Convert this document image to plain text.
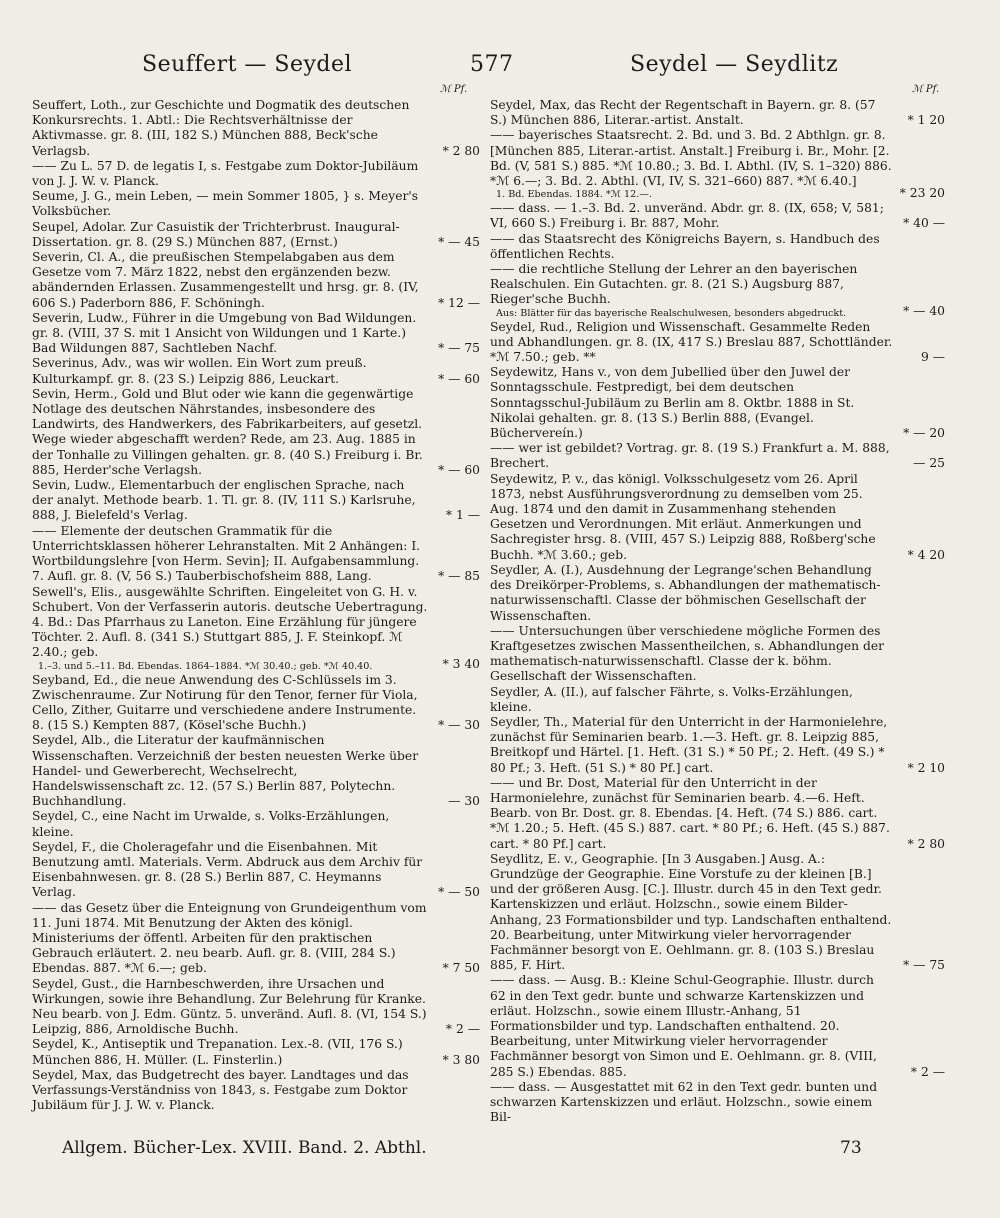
Seuffert — Seydel	577	Seydel — Seydlitz
ℳ Pf.	ℳ Pf.
Seuffert, Loth., zur Geschichte und Dogmatik des deutschen Konkursrechts. 1. Abtl.: Die Rechtsverhältnisse der Aktivmasse. gr. 8. (III, 182 S.) München 888, Beck'sche Verlagsb.	* 2 80
—— Zu L. 57 D. de legatis I, s. Festgabe zum Doktor-Jubiläum von J. J. W. v. Planck.
Seume, J. G., mein Leben, — mein Sommer 1805, } s. Meyer's Volksbücher.
Seupel, Adolar. Zur Casuistik der Trichterbrust. Inaugural-Dissertation. gr. 8. (29 S.) München 887, (Ernst.)	* — 45
Severin, Cl. A., die preußischen Stempelabgaben aus dem Gesetze vom 7. März 1822, nebst den ergänzenden bezw. abändernden Erlassen. Zusammengestellt und hrsg. gr. 8. (IV, 606 S.) Paderborn 886, F. Schöningh.	* 12 —
Severin, Ludw., Führer in die Umgebung von Bad Wildungen. gr. 8. (VIII, 37 S. mit 1 Ansicht von Wildungen und 1 Karte.) Bad Wildungen 887, Sachtleben Nachf.	* — 75
Severinus, Adv., was wir wollen. Ein Wort zum preuß. Kulturkampf. gr. 8. (23 S.) Leipzig 886, Leuckart.	* — 60
Sevin, Herm., Gold und Blut oder wie kann die gegenwärtige Notlage des deutschen Nährstandes, insbesondere des Landwirts, des Handwerkers, des Fabrikarbeiters, auf gesetzl. Wege wieder abgeschafft werden? Rede, am 23. Aug. 1885 in der Tonhalle zu Villingen gehalten. gr. 8. (40 S.) Freiburg i. Br. 885, Herder'sche Verlagsh.	* — 60
Sevin, Ludw., Elementarbuch der englischen Sprache, nach der analyt. Methode bearb. 1. Tl. gr. 8. (IV, 111 S.) Karlsruhe, 888, J. Bielefeld's Verlag.	* 1 —
—— Elemente der deutschen Grammatik für die Unterrichtsklassen höherer Lehranstalten. Mit 2 Anhängen: I. Wortbildungslehre [von Herm. Sevin]; II. Aufgabensammlung. 7. Aufl. gr. 8. (V, 56 S.) Tauberbischofsheim 888, Lang.	* — 85
Sewell's, Elis., ausgewählte Schriften. Eingeleitet von G. H. v. Schubert. Von der Verfasserin autoris. deutsche Uebertragung. 4. Bd.: Das Pfarrhaus zu Laneton. Eine Erzählung für jüngere Töchter. 2. Aufl. 8. (341 S.) Stuttgart 885, J. F. Steinkopf. ℳ 2.40.; geb.
1.–3. und 5.–11. Bd. Ebendas. 1864–1884. *ℳ 30.40.; geb. *ℳ 40.40.	* 3 40
Seyband, Ed., die neue Anwendung des C-Schlüssels im 3. Zwischenraume. Zur Notirung für den Tenor, ferner für Viola, Cello, Zither, Guitarre und verschiedene andere Instrumente. 8. (15 S.) Kempten 887, (Kösel'sche Buchh.)	* — 30
Seydel, Alb., die Literatur der kaufmännischen Wissenschaften. Verzeichniß der besten neuesten Werke über Handel- und Gewerberecht, Wechselrecht, Handelswissenschaft zc. 12. (57 S.) Berlin 887, Polytechn. Buchhandlung.	— 30
Seydel, C., eine Nacht im Urwalde, s. Volks-Erzählungen, kleine.
Seydel, F., die Choleragefahr und die Eisenbahnen. Mit Benutzung amtl. Materials. Verm. Abdruck aus dem Archiv für Eisenbahnwesen. gr. 8. (28 S.) Berlin 887, C. Heymanns Verlag.	* — 50
—— das Gesetz über die Enteignung von Grundeigenthum vom 11. Juni 1874. Mit Benutzung der Akten des königl. Ministeriums der öffentl. Arbeiten für den praktischen Gebrauch erläutert. 2. neu bearb. Aufl. gr. 8. (VIII, 284 S.) Ebendas. 887. *ℳ 6.—; geb.	* 7 50
Seydel, Gust., die Harnbeschwerden, ihre Ursachen und Wirkungen, sowie ihre Behandlung. Zur Belehrung für Kranke. Neu bearb. von J. Edm. Güntz. 5. unveränd. Aufl. 8. (VI, 154 S.) Leipzig, 886, Arnoldische Buchh.	* 2 —
Seydel, K., Antiseptik und Trepanation. Lex.-8. (VII, 176 S.) München 886, H. Müller. (L. Finsterlin.)	* 3 80
Seydel, Max, das Budgetrecht des bayer. Landtages und das Verfassungs-Verständniss von 1843, s. Festgabe zum Doktor Jubiläum für J. J. W. v. Planck.
Seydel, Max, das Recht der Regentschaft in Bayern. gr. 8. (57 S.) München 886, Literar.-artist. Anstalt.	* 1 20
—— bayerisches Staatsrecht. 2. Bd. und 3. Bd. 2 Abthlgn. gr. 8. [München 885, Literar.-artist. Anstalt.] Freiburg i. Br., Mohr. [2. Bd. (V, 581 S.) 885. *ℳ 10.80.; 3. Bd. I. Abthl. (IV, S. 1–320) 886. *ℳ 6.—; 3. Bd. 2. Abthl. (VI, IV, S. 321–660) 887. *ℳ 6.40.]
1. Bd. Ebendas. 1884. *ℳ 12.—.	* 23 20
—— dass. — 1.–3. Bd. 2. unveränd. Abdr. gr. 8. (IX, 658; V, 581; VI, 660 S.) Freiburg i. Br. 887, Mohr.	* 40 —
—— das Staatsrecht des Königreichs Bayern, s. Handbuch des öffentlichen Rechts.
—— die rechtliche Stellung der Lehrer an den bayerischen Realschulen. Ein Gutachten. gr. 8. (21 S.) Augsburg 887, Rieger'sche Buchh.
Aus: Blätter für das bayerische Realschulwesen, besonders abgedruckt.	* — 40
Seydel, Rud., Religion und Wissenschaft. Gesammelte Reden und Abhandlungen. gr. 8. (IX, 417 S.) Breslau 887, Schottländer. *ℳ 7.50.; geb. **	9 —
Seydewitz, Hans v., von dem Jubellied über den Juwel der Sonntagsschule. Festpredigt, bei dem deutschen Sonntagsschul-Jubiläum zu Berlin am 8. Oktbr. 1888 in St. Nikolai gehalten. gr. 8. (13 S.) Berlin 888, (Evangel. Büchervereín.)	* — 20
—— wer ist gebildet? Vortrag. gr. 8. (19 S.) Frankfurt a. M. 888, Brechert.	— 25
Seydewitz, P. v., das königl. Volksschulgesetz vom 26. April 1873, nebst Ausführungsverordnung zu demselben vom 25. Aug. 1874 und den damit in Zusammenhang stehenden Gesetzen und Verordnungen. Mit erläut. Anmerkungen und Sachregister hrsg. 8. (VIII, 457 S.) Leipzig 888, Roßberg'sche Buchh. *ℳ 3.60.; geb.	* 4 20
Seydler, A. (I.), Ausdehnung der Legrange'schen Behandlung des Dreikörper-Problems, s. Abhandlungen der mathematisch-naturwissenschaftl. Classe der böhmischen Gesellschaft der Wissenschaften.
—— Untersuchungen über verschiedene mögliche Formen des Kraftgesetzes zwischen Massentheilchen, s. Abhandlungen der mathematisch-naturwissenschaftl. Classe der k. böhm. Gesellschaft der Wissenschaften.
Seydler, A. (II.), auf falscher Fährte, s. Volks-Erzählungen, kleine.
Seydler, Th., Material für den Unterricht in der Harmonielehre, zunächst für Seminarien bearb. 1.—3. Heft. gr. 8. Leipzig 885, Breitkopf und Härtel. [1. Heft. (31 S.) * 50 Pf.; 2. Heft. (49 S.) * 80 Pf.; 3. Heft. (51 S.) * 80 Pf.] cart.	* 2 10
—— und Br. Dost, Material für den Unterricht in der Harmonielehre, zunächst für Seminarien bearb. 4.—6. Heft. Bearb. von Br. Dost. gr. 8. Ebendas. [4. Heft. (74 S.) 886. cart. *ℳ 1.20.; 5. Heft. (45 S.) 887. cart. * 80 Pf.; 6. Heft. (45 S.) 887. cart. * 80 Pf.] cart.	* 2 80
Seydlitz, E. v., Geographie. [In 3 Ausgaben.] Ausg. A.: Grundzüge der Geographie. Eine Vorstufe zu der kleinen [B.] und der größeren Ausg. [C.]. Illustr. durch 45 in den Text gedr. Kartenskizzen und erläut. Holzschn., sowie einem Bilder-Anhang, 23 Formationsbilder und typ. Landschaften enthaltend. 20. Bearbeitung, unter Mitwirkung vieler hervorragender Fachmänner besorgt von E. Oehlmann. gr. 8. (103 S.) Breslau 885, F. Hirt.	* — 75
—— dass. — Ausg. B.: Kleine Schul-Geographie. Illustr. durch 62 in den Text gedr. bunte und schwarze Kartenskizzen und erläut. Holzschn., sowie einem Illustr.-Anhang, 51 Formationsbilder und typ. Landschaften enthaltend. 20. Bearbeitung, unter Mitwirkung vieler hervorragender Fachmänner besorgt von Simon und E. Oehlmann. gr. 8. (VIII, 285 S.) Ebendas. 885.	* 2 —
—— dass. — Ausgestattet mit 62 in den Text gedr. bunten und schwarzen Kartenskizzen und erläut. Holzschn., sowie einem Bil-
Allgem. Bücher-Lex. XVIII. Band. 2. Abthl.	73
